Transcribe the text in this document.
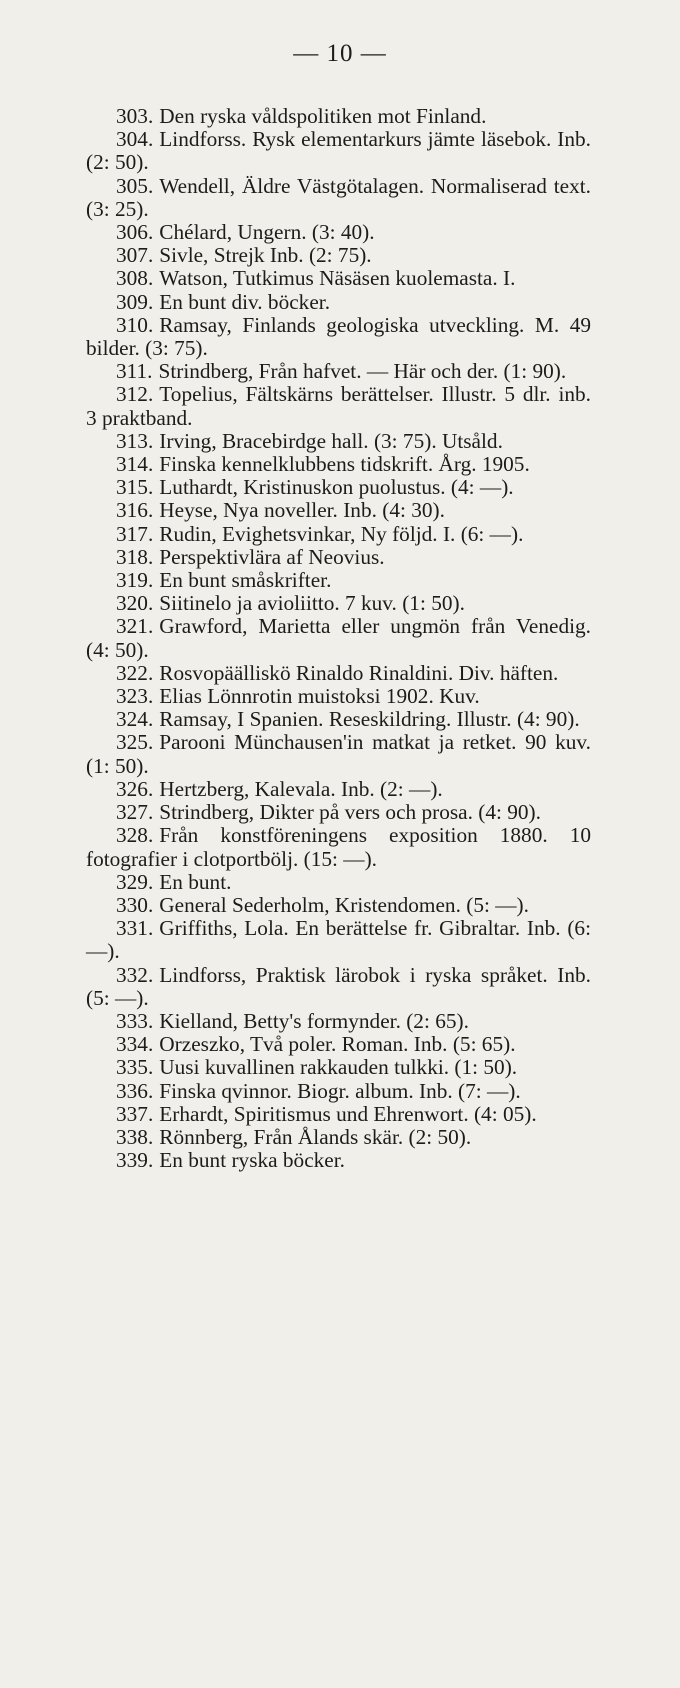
— 10 —

303. Den ryska våldspolitiken mot Finland.

304. Lindforss. Rysk elementarkurs jämte läsebok. Inb. (2: 50).

305. Wendell, Äldre Västgötalagen. Normaliserad text. (3: 25).

306. Chélard, Ungern. (3: 40).

307. Sivle, Strejk Inb. (2: 75).

308. Watson, Tutkimus Näsäsen kuolemasta. I.

309. En bunt div. böcker.

310. Ramsay, Finlands geologiska utveckling. M. 49 bilder. (3: 75).

311. Strindberg, Från hafvet. — Här och der. (1: 90).

312. Topelius, Fältskärns berättelser. Illustr. 5 dlr. inb. 3 praktband.

313. Irving, Bracebirdge hall. (3: 75). Utsåld.

314. Finska kennelklubbens tidskrift. Årg. 1905.

315. Luthardt, Kristinuskon puolustus. (4: —).

316. Heyse, Nya noveller. Inb. (4: 30).

317. Rudin, Evighetsvinkar, Ny följd. I. (6: —).

318. Perspektivlära af Neovius.

319. En bunt småskrifter.

320. Siitinelo ja avioliitto. 7 kuv. (1: 50).

321. Grawford, Marietta eller ungmön från Venedig. (4: 50).

322. Rosvopäälliskö Rinaldo Rinaldini. Div. häften.

323. Elias Lönnrotin muistoksi 1902. Kuv.

324. Ramsay, I Spanien. Reseskildring. Illustr. (4: 90).

325. Parooni Münchausen'in matkat ja retket. 90 kuv. (1: 50).

326. Hertzberg, Kalevala. Inb. (2: —).

327. Strindberg, Dikter på vers och prosa. (4: 90).

328. Från konstföreningens exposition 1880. 10 fotografier i clotportbölj. (15: —).

329. En bunt.

330. General Sederholm, Kristendomen. (5: —).

331. Griffiths, Lola. En berättelse fr. Gibraltar. Inb. (6: —).

332. Lindforss, Praktisk lärobok i ryska språket. Inb. (5: —).

333. Kielland, Betty's formynder. (2: 65).

334. Orzeszko, Två poler. Roman. Inb. (5: 65).

335. Uusi kuvallinen rakkauden tulkki. (1: 50).

336. Finska qvinnor. Biogr. album. Inb. (7: —).

337. Erhardt, Spiritismus und Ehrenwort. (4: 05).

338. Rönnberg, Från Ålands skär. (2: 50).

339. En bunt ryska böcker.
